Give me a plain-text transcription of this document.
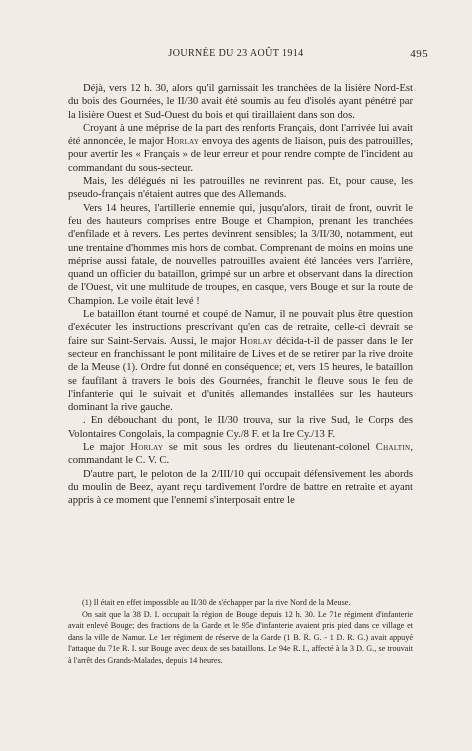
JOURNÉE DU 23 AOÛT 1914	495

Déjà, vers 12 h. 30, alors qu'il garnissait les tranchées de la lisière Nord-Est du bois des Gournées, le II/30 avait été soumis au feu d'isolés ayant pénétré par la lisière Ouest et Sud-Ouest du bois et qui tiraillaient dans son dos.

Croyant à une méprise de la part des renforts Français, dont l'arrivée lui avait été annoncée, le major Horlay envoya des agents de liaison, puis des patrouilles, pour avertir les « Français » de leur erreur et pour rendre compte de l'incident au commandant du sous-secteur.

Mais, les délégués ni les patrouilles ne revinrent pas. Et, pour cause, les pseudo-français n'étaient autres que des Allemands.

Vers 14 heures, l'artillerie ennemie qui, jusqu'alors, tirait de front, ouvrit le feu des hauteurs comprises entre Bouge et Champion, prenant les tranchées d'enfilade et à revers. Les pertes devinrent sensibles; la 3/II/30, notamment, eut une trentaine d'hommes mis hors de combat. Comprenant de moins en moins une méprise aussi fatale, de nouvelles patrouilles avaient été lancées vers l'arrière, quand un officier du bataillon, grimpé sur un arbre et observant dans la direction de l'Ouest, vit une multitude de troupes, en casque, vers Bouge et sur la route de Champion. Le voile était levé !

Le bataillon étant tourné et coupé de Namur, il ne pouvait plus être question d'exécuter les instructions prescrivant qu'en cas de retraite, celle-ci devrait se faire sur Saint-Servais. Aussi, le major Horlay décida-t-il de passer dans le Ier secteur en franchissant le pont militaire de Lives et de se retirer par la rive droite de la Meuse (1). Ordre fut donné en conséquence; et, vers 15 heures, le bataillon se faufilant à travers le bois des Gournées, franchit le fleuve sous le feu de l'infanterie qui le suivait et d'unités allemandes installées sur les hauteurs dominant la rive gauche.

. En débouchant du pont, le II/30 trouva, sur la rive Sud, le Corps des Volontaires Congolais, la compagnie Cy./8 F. et la Ire Cy./13 F.

Le major Horlay se mit sous les ordres du lieutenant-colonel Chaltin, commandant le C. V. C.

D'autre part, le peloton de la 2/III/10 qui occupait défensivement les abords du moulin de Beez, ayant reçu tardivement l'ordre de battre en retraite et ayant appris à ce moment que l'ennemi s'interposait entre le

(1) Il était en effet impossible au II/30 de s'échapper par la rive Nord de la Meuse.

On sait que la 38 D. I. occupait la région de Bouge depuis 12 h. 30. Le 71e régiment d'infanterie avait enlevé Bouge; des fractions de la Garde et le 95e d'infanterie avaient pris pied dans ce village et dans la ville de Namur. Le 1er régiment de réserve de la Garde (1 B. R. G. - 1 D. R. G.) avait appuyé l'attaque du 71e R. I. sur Bouge avec deux de ses bataillons. Le 94e R. I., affecté à la 3 D. G., se trouvait à l'arrêt des Grands-Malades, depuis 14 heures.
